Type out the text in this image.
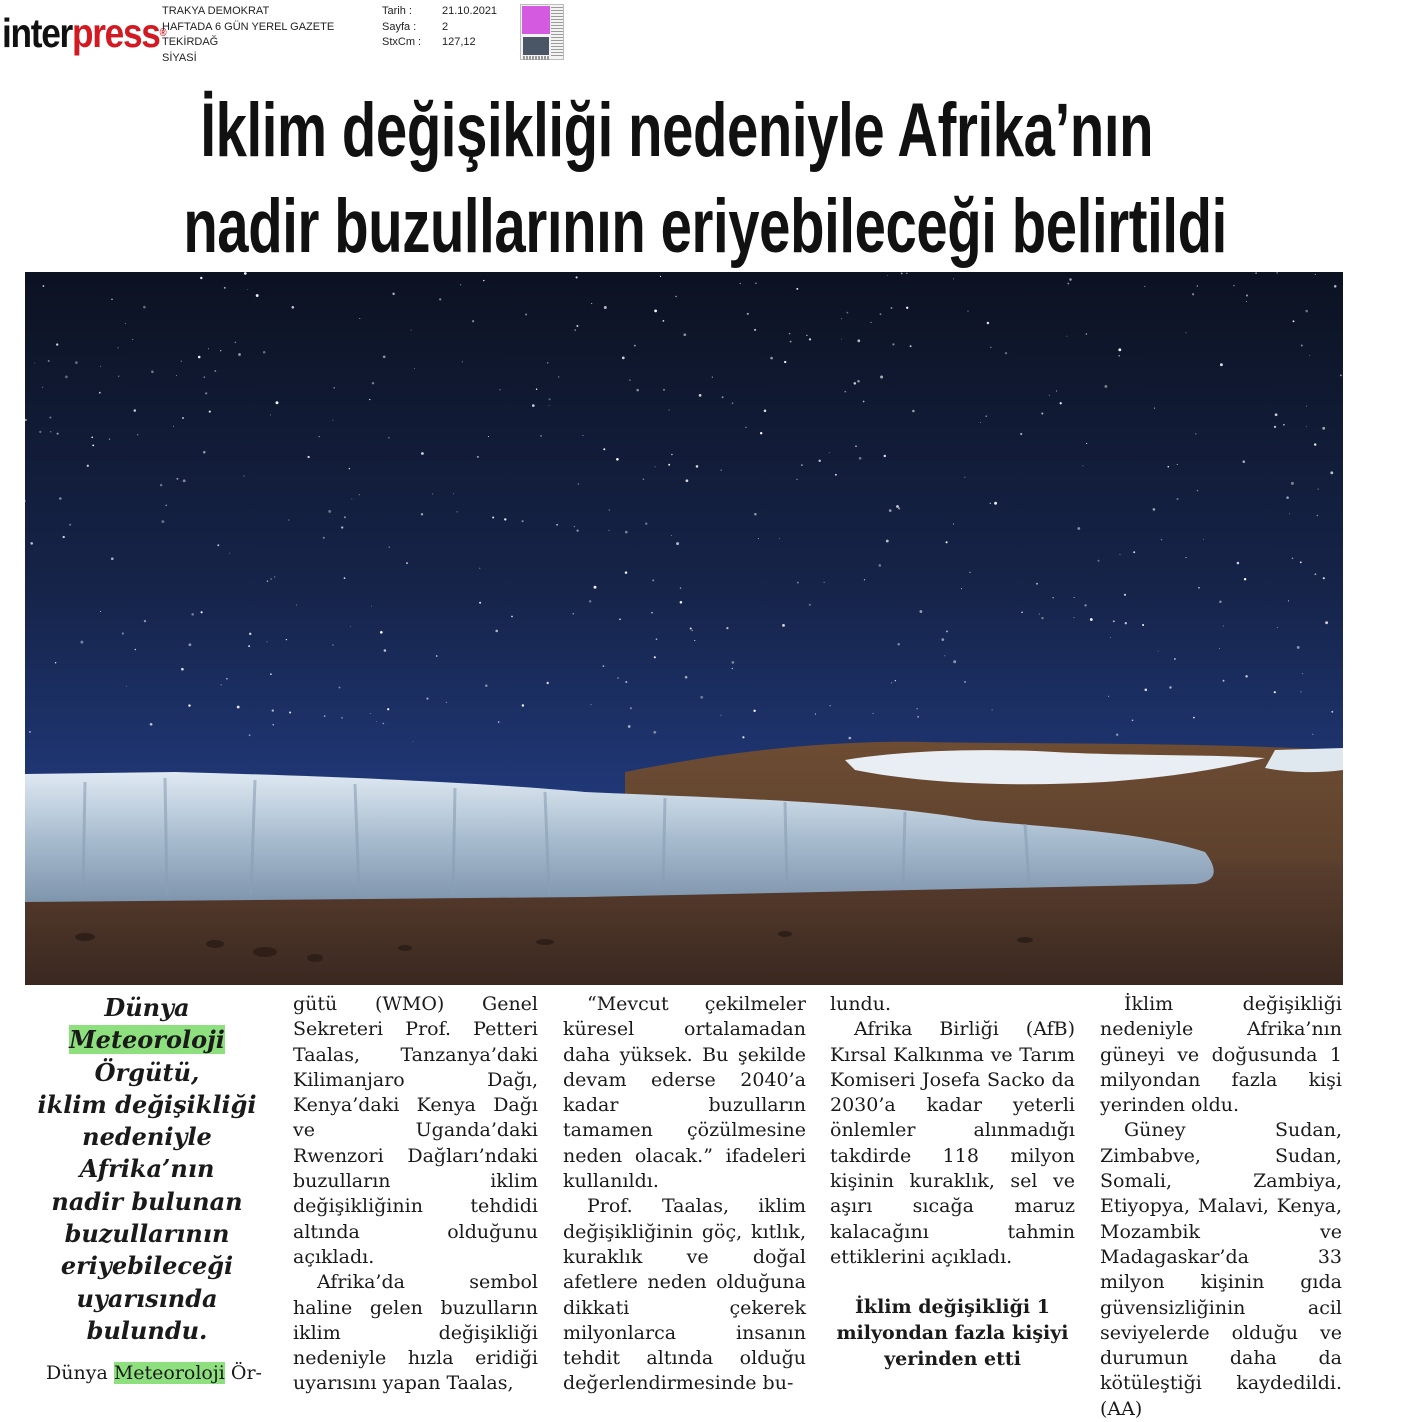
interpress®
TRAKYA DEMOKRAT
HAFTADA 6 GÜN YEREL GAZETE
TEKİRDAĞ
SİYASİ
Tarih :
Sayfa :
StxCm :
21.10.2021
2
127,12
İklim değişikliği nedeniyle Afrika’nın nadir buzullarının eriyebileceği belirtildi
Dünya
Meteoroloji Örgütü,
iklim değişikliği
nedeniyle
Afrika’nın
nadir bulunan
buzullarının
eriyebileceği
uyarısında bulundu.

Dünya Meteoroloji Ör-

gütü (WMO) Genel Sekreteri Prof. Petteri Taalas, Tanzanya’daki Kilimanjaro Dağı, Kenya’daki Kenya Dağı ve Uganda’daki Rwenzori Dağları’ndaki buzulların iklim değişikliğinin tehdidi altında olduğunu açıkladı.

Afrika’da sembol haline gelen buzulların iklim değişikliği nedeniyle hızla eridiği uyarısını yapan Taalas,

“Mevcut çekilmeler küresel ortalamadan daha yüksek. Bu şekilde devam ederse 2040’a kadar buzulların tamamen çözülmesine neden olacak.” ifadeleri kullanıldı.

Prof. Taalas, iklim değişikliğinin göç, kıtlık, kuraklık ve doğal afetlere neden olduğuna dikkati çekerek milyonlarca insanın tehdit altında olduğu değerlendirmesinde bu-

lundu.

Afrika Birliği (AfB) Kırsal Kalkınma ve Tarım Komiseri Josefa Sacko da 2030’a kadar yeterli önlemler alınmadığı takdirde 118 milyon kişinin kuraklık, sel ve aşırı sıcağa maruz kalacağını tahmin ettiklerini açıkladı.

İklim değişikliği 1 milyondan fazla kişiyi yerinden etti

İklim değişikliği nedeniyle Afrika’nın güneyi ve doğusunda 1 milyondan fazla kişi yerinden oldu.

Güney Sudan, Zimbabve, Sudan, Somali, Zambiya, Etiyopya, Malavi, Kenya, Mozambik ve Madagaskar’da 33 milyon kişinin gıda güvensizliğinin acil seviyelerde olduğu ve durumun daha da kötüleştiği kaydedildi. (AA)
